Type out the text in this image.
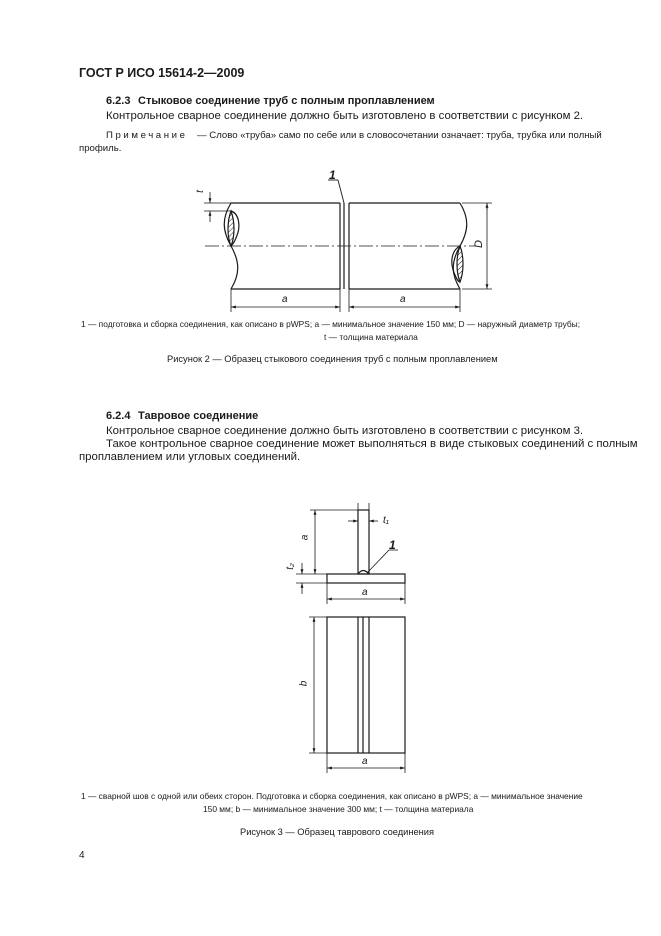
ГОСТ Р ИСО 15614-2—2009
6.2.3 Стыковое соединение труб с полным проплавлением
Контрольное сварное соединение должно быть изготовлено в соответствии с рисунком 2.
Примечание — Слово «труба» само по себе или в словосочетании означает: труба, трубка или полный
профиль.
1
t
D
a	a
1 — подготовка и сборка соединения, как описано в pWPS; a — минимальное значение 150 мм; D — наружный диаметр трубы;
t — толщина материала
Рисунок 2 — Образец стыкового соединения труб с полным проплавлением
6.2.4 Тавровое соединение
Контрольное сварное соединение должно быть изготовлено в соответствии с рисунком 3.
Такое контрольное сварное соединение может выполняться в виде стыковых соединений с полным
проплавлением или угловых соединений.
a
t₁
t₂
1
a
b
a
1 — сварной шов с одной или обеих сторон. Подготовка и сборка соединения, как описано в pWPS; a — минимальное значение
150 мм; b — минимальное значение 300 мм; t — толщина материала
Рисунок 3 — Образец таврового соединения
4
